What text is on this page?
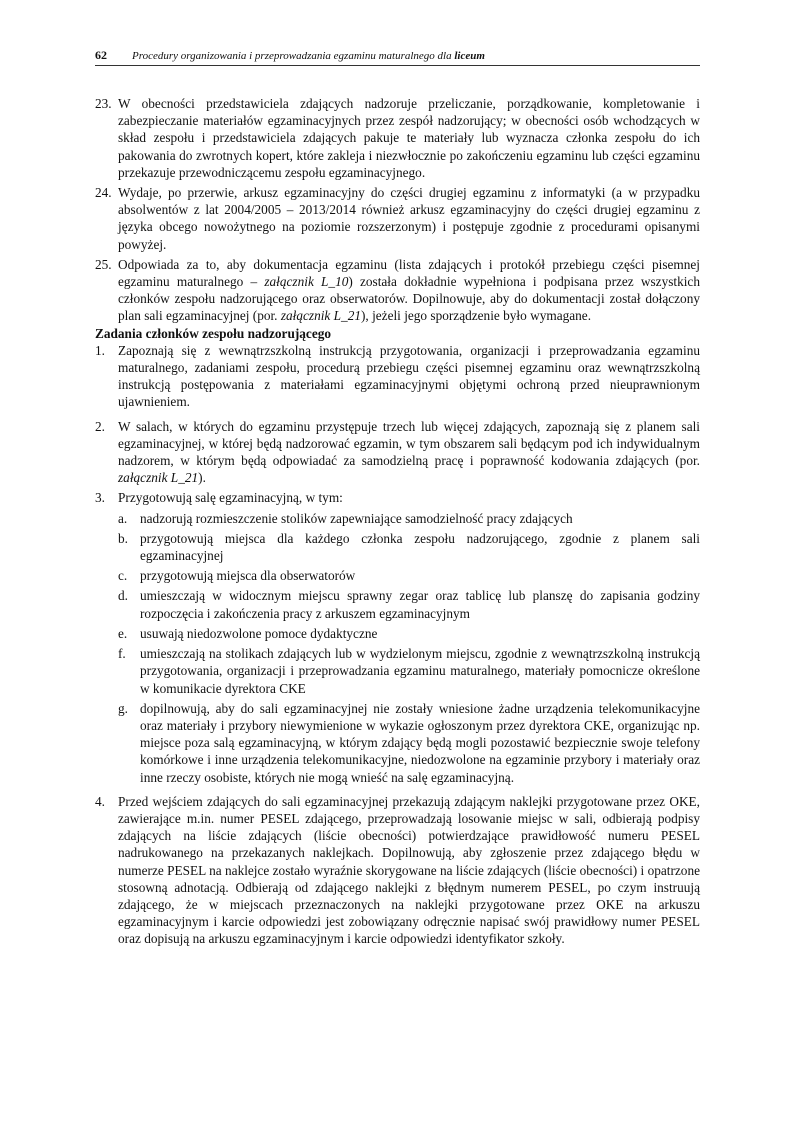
62 Procedury organizowania i przeprowadzania egzaminu maturalnego dla liceum
23. W obecności przedstawiciela zdających nadzoruje przeliczanie, porządkowanie, kompletowanie i zabezpieczanie materiałów egzaminacyjnych przez zespół nadzorujący; w obecności osób wchodzących w skład zespołu i przedstawiciela zdających pakuje te materiały lub wyznacza członka zespołu do ich pakowania do zwrotnych kopert, które zakleja i niezwłocznie po zakończeniu egzaminu lub części egzaminu przekazuje przewodniczącemu zespołu egzaminacyjnego.
24. Wydaje, po przerwie, arkusz egzaminacyjny do części drugiej egzaminu z informatyki (a w przypadku absolwentów z lat 2004/2005 – 2013/2014 również arkusz egzaminacyjny do części drugiej egzaminu z języka obcego nowożytnego na poziomie rozszerzonym) i postępuje zgodnie z procedurami opisanymi powyżej.
25. Odpowiada za to, aby dokumentacja egzaminu (lista zdających i protokół przebiegu części pisemnej egzaminu maturalnego – załącznik L_10) została dokładnie wypełniona i podpisana przez wszystkich członków zespołu nadzorującego oraz obserwatorów. Dopilnowuje, aby do dokumentacji został dołączony plan sali egzaminacyjnej (por. załącznik L_21), jeżeli jego sporządzenie było wymagane.

Zadania członków zespołu nadzorującego

1. Zapoznają się z wewnątrzszkolną instrukcją przygotowania, organizacji i przeprowadzania egzaminu maturalnego, zadaniami zespołu, procedurą przebiegu części pisemnej egzaminu oraz wewnątrzszkolną instrukcją postępowania z materiałami egzaminacyjnymi objętymi ochroną przed nieuprawnionym ujawnieniem.
2. W salach, w których do egzaminu przystępuje trzech lub więcej zdających, zapoznają się z planem sali egzaminacyjnej, w której będą nadzorować egzamin, w tym obszarem sali będącym pod ich indywidualnym nadzorem, w którym będą odpowiadać za samodzielną pracę i poprawność kodowania zdających (por. załącznik L_21).
3. Przygotowują salę egzaminacyjną, w tym:
a. nadzorują rozmieszczenie stolików zapewniające samodzielność pracy zdających
b. przygotowują miejsca dla każdego członka zespołu nadzorującego, zgodnie z planem sali egzaminacyjnej
c. przygotowują miejsca dla obserwatorów
d. umieszczają w widocznym miejscu sprawny zegar oraz tablicę lub planszę do zapisania godziny rozpoczęcia i zakończenia pracy z arkuszem egzaminacyjnym
e. usuwają niedozwolone pomoce dydaktyczne
f.	umieszczają na stolikach zdających lub w wydzielonym miejscu, zgodnie z wewnątrzszkolną instrukcją przygotowania, organizacji i przeprowadzania egzaminu maturalnego, materiały pomocnicze określone w komunikacie dyrektora CKE
g. dopilnowują, aby do sali egzaminacyjnej nie zostały wniesione żadne urządzenia telekomunikacyjne oraz materiały i przybory niewymienione w wykazie ogłoszonym przez dyrektora CKE, organizując np. miejsce poza salą egzaminacyjną, w którym zdający będą mogli pozostawić bezpiecznie swoje telefony komórkowe i inne urządzenia telekomunikacyjne, niedozwolone na egzaminie przybory i materiały oraz inne rzeczy osobiste, których nie mogą wnieść na salę egzaminacyjną.
4. Przed wejściem zdających do sali egzaminacyjnej przekazują zdającym naklejki przygotowane przez OKE, zawierające m.in. numer PESEL zdającego, przeprowadzają losowanie miejsc w sali, odbierają podpisy zdających na liście zdających (liście obecności) potwierdzające prawidłowość numeru PESEL nadrukowanego na przekazanych naklejkach. Dopilnowują, aby zgłoszenie przez zdającego błędu w numerze PESEL na naklejce zostało wyraźnie skorygowane na liście zdających (liście obecności) i opatrzone stosowną adnotacją. Odbierają od zdającego naklejki z błędnym numerem PESEL, po czym instruują zdającego, że w miejscach przeznaczonych na naklejki przygotowane przez OKE na arkuszu egzaminacyjnym i karcie odpowiedzi jest zobowiązany odręcznie napisać swój prawidłowy numer PESEL oraz dopisują na arkuszu egzaminacyjnym i karcie odpowiedzi identyfikator szkoły.
